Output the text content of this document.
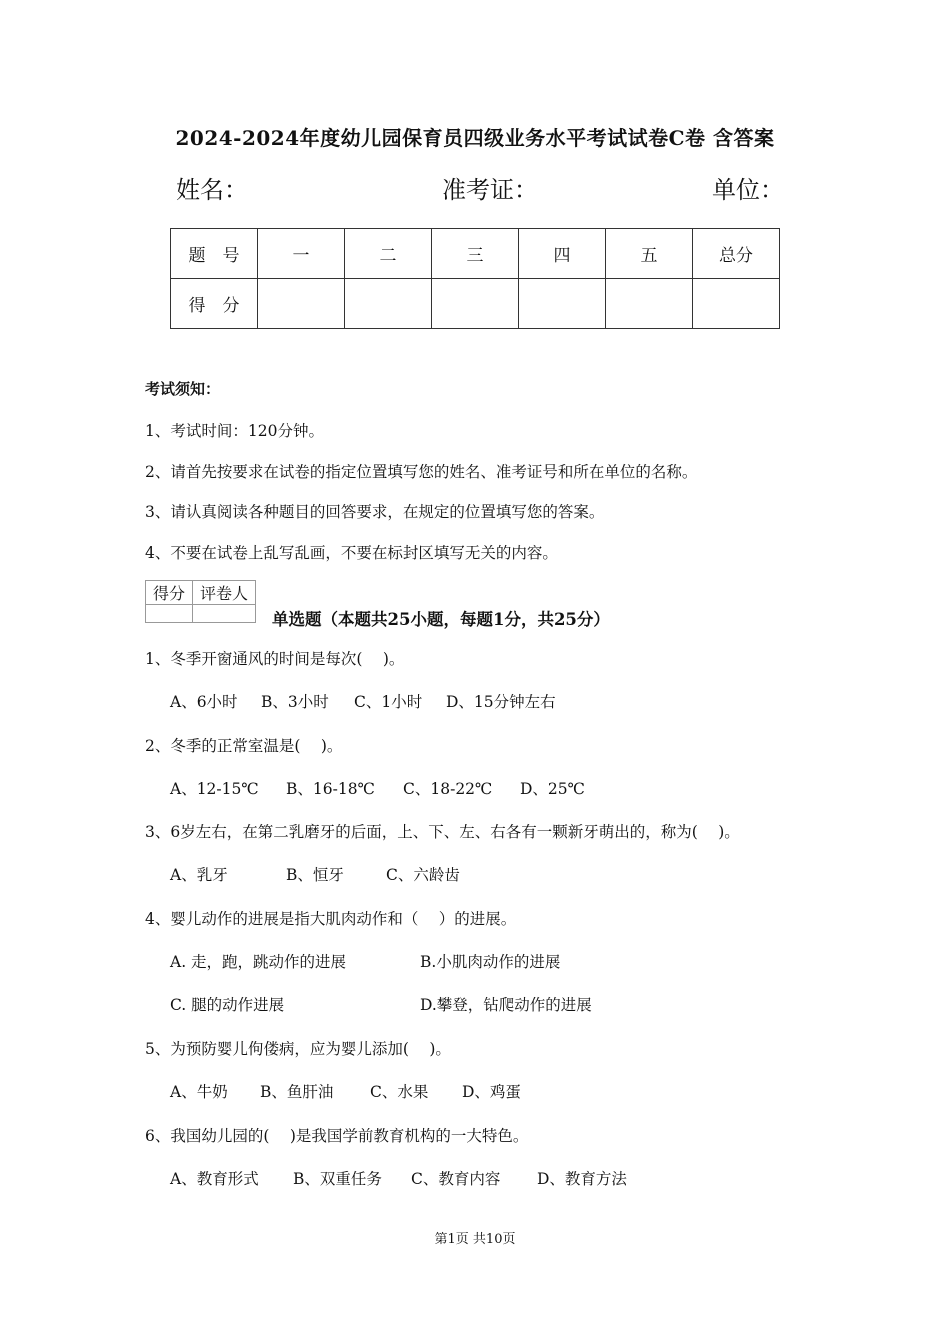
2024-2024年度幼儿园保育员四级业务水平考试试卷C卷 含答案
姓名：	准考证：	单位：
题　号	一	二	三	四	五	总分
得　分						
考试须知：
1、考试时间：120分钟。
2、请首先按要求在试卷的指定位置填写您的姓名、准考证号和所在单位的名称。
3、请认真阅读各种题目的回答要求，在规定的位置填写您的答案。
4、不要在试卷上乱写乱画，不要在标封区填写无关的内容。
得分	评卷人

单选题（本题共25小题，每题1分，共25分）
1、冬季开窗通风的时间是每次(　 )。
A、6小时 B、3小时 C、1小时 D、15分钟左右
2、冬季的正常室温是(　 )。
A、12-15℃ B、16-18℃ C、18-22℃ D、25℃
3、6岁左右，在第二乳磨牙的后面，上、下、左、右各有一颗新牙萌出的，称为(　 )。
A、乳牙	B、恒牙	C、六龄齿
4、婴儿动作的进展是指大肌肉动作和（　 ）的进展。
A. 走，跑，跳动作的进展	B.小肌肉动作的进展
C. 腿的动作进展	D.攀登，钻爬动作的进展
5、为预防婴儿佝偻病，应为婴儿添加(　 )。
A、牛奶 B、鱼肝油 C、水果 D、鸡蛋
6、我国幼儿园的(　 )是我国学前教育机构的一大特色。
A、教育形式 B、双重任务 C、教育内容 D、教育方法
第1页 共10页
